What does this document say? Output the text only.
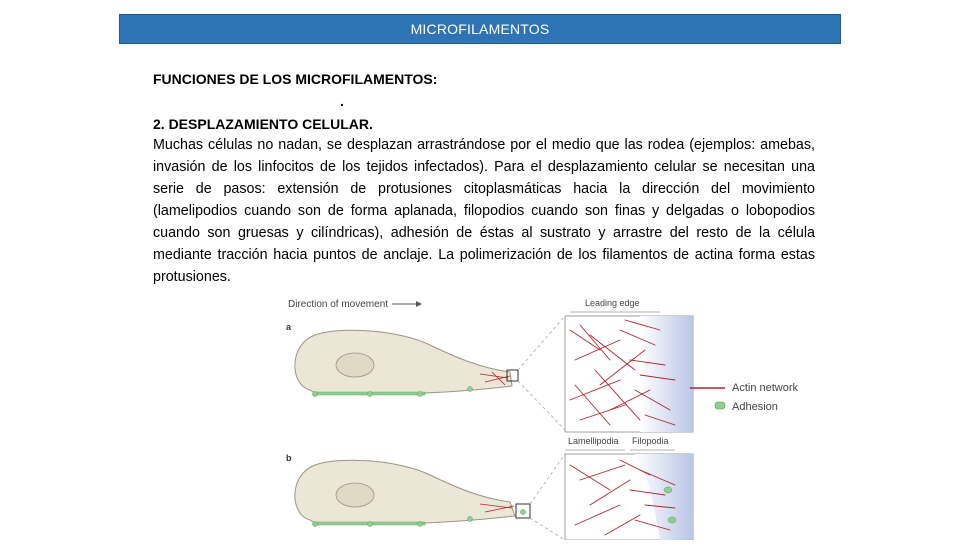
MICROFILAMENTOS
FUNCIONES DE LOS MICROFILAMENTOS:
.
2. DESPLAZAMIENTO CELULAR.
Muchas células no nadan, se desplazan arrastrándose por el medio que las rodea (ejemplos: amebas, invasión de los linfocitos de los tejidos infectados). Para el desplazamiento celular se necesitan una serie de pasos: extensión de protusiones citoplasmáticas hacia la dirección del movimiento (lamelipodios cuando son de forma aplanada, filopodios cuando son finas y delgadas o lobopodios cuando son gruesas y cilíndricas), adhesión de éstas al sustrato y arrastre del resto de la célula mediante tracción hacia puntos de anclaje. La polimerización de los filamentos de actina forma estas protusiones.
Direction of movement
a
b
Leading edge
Actin network
Adhesion
Lamellipodia Filopodia
